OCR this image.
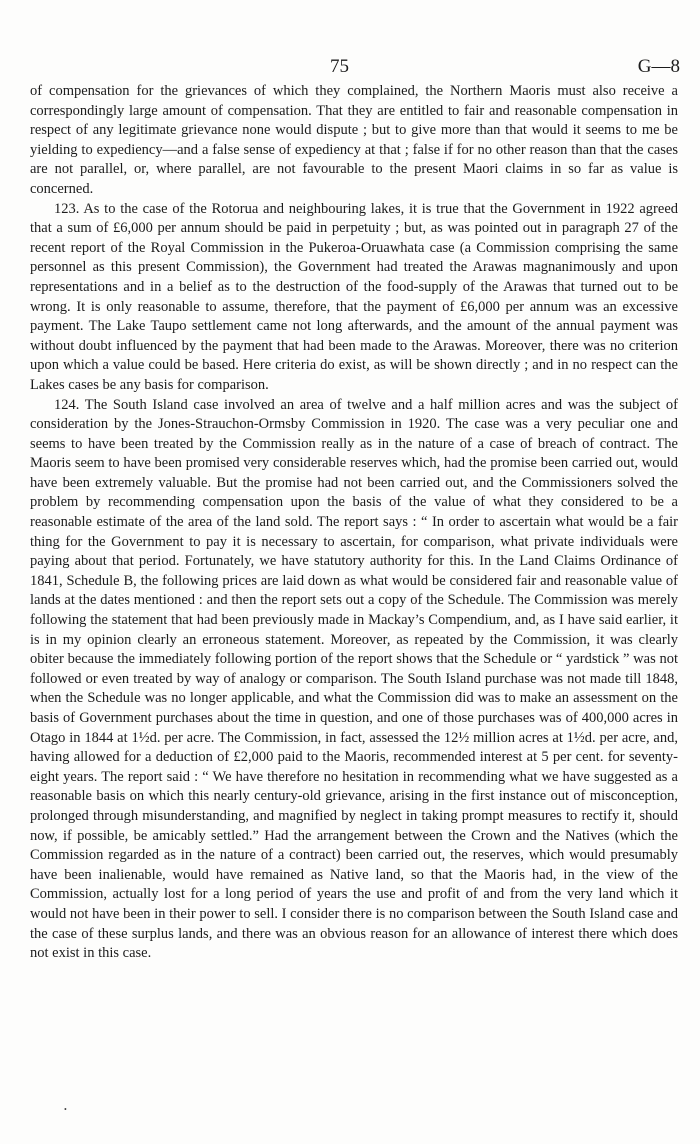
75	G—8

of compensation for the grievances of which they complained, the Northern Maoris must also receive a correspondingly large amount of compensation. That they are entitled to fair and reasonable compensation in respect of any legitimate grievance none would dispute ; but to give more than that would it seems to me be yielding to expediency—and a false sense of expediency at that ; false if for no other reason than that the cases are not parallel, or, where parallel, are not favourable to the present Maori claims in so far as value is concerned.

123. As to the case of the Rotorua and neighbouring lakes, it is true that the Government in 1922 agreed that a sum of £6,000 per annum should be paid in perpetuity ; but, as was pointed out in paragraph 27 of the recent report of the Royal Commission in the Pukeroa-Oruawhata case (a Commission comprising the same personnel as this present Commission), the Government had treated the Arawas magnanimously and upon representations and in a belief as to the destruction of the food-supply of the Arawas that turned out to be wrong. It is only reasonable to assume, therefore, that the payment of £6,000 per annum was an excessive payment. The Lake Taupo settlement came not long afterwards, and the amount of the annual payment was without doubt influenced by the payment that had been made to the Arawas. Moreover, there was no criterion upon which a value could be based. Here criteria do exist, as will be shown directly ; and in no respect can the Lakes cases be any basis for comparison.

124. The South Island case involved an area of twelve and a half million acres and was the subject of consideration by the Jones-Strauchon-Ormsby Commission in 1920. The case was a very peculiar one and seems to have been treated by the Commission really as in the nature of a case of breach of contract. The Maoris seem to have been promised very considerable reserves which, had the promise been carried out, would have been extremely valuable. But the promise had not been carried out, and the Commissioners solved the problem by recommending compensation upon the basis of the value of what they considered to be a reasonable estimate of the area of the land sold. The report says : “ In order to ascertain what would be a fair thing for the Government to pay it is necessary to ascertain, for comparison, what private individuals were paying about that period. Fortunately, we have statutory authority for this. In the Land Claims Ordinance of 1841, Schedule B, the following prices are laid down as what would be considered fair and reasonable value of lands at the dates mentioned : and then the report sets out a copy of the Schedule. The Commission was merely following the statement that had been previously made in Mackay’s Compendium, and, as I have said earlier, it is in my opinion clearly an erroneous statement. Moreover, as repeated by the Commission, it was clearly obiter because the immediately following portion of the report shows that the Schedule or “ yardstick ” was not followed or even treated by way of analogy or comparison. The South Island purchase was not made till 1848, when the Schedule was no longer applicable, and what the Commission did was to make an assessment on the basis of Government purchases about the time in question, and one of those purchases was of 400,000 acres in Otago in 1844 at 1½d. per acre. The Commission, in fact, assessed the 12½ million acres at 1½d. per acre, and, having allowed for a deduction of £2,000 paid to the Maoris, recommended interest at 5 per cent. for seventy-eight years. The report said : “ We have therefore no hesitation in recommending what we have suggested as a reasonable basis on which this nearly century-old grievance, arising in the first instance out of misconception, prolonged through misunderstanding, and magnified by neglect in taking prompt measures to rectify it, should now, if possible, be amicably settled.” Had the arrangement between the Crown and the Natives (which the Commission regarded as in the nature of a contract) been carried out, the reserves, which would presumably have been inalienable, would have remained as Native land, so that the Maoris had, in the view of the Commission, actually lost for a long period of years the use and profit of and from the very land which it would not have been in their power to sell. I consider there is no comparison between the South Island case and the case of these surplus lands, and there was an obvious reason for an allowance of interest there which does not exist in this case.

•
